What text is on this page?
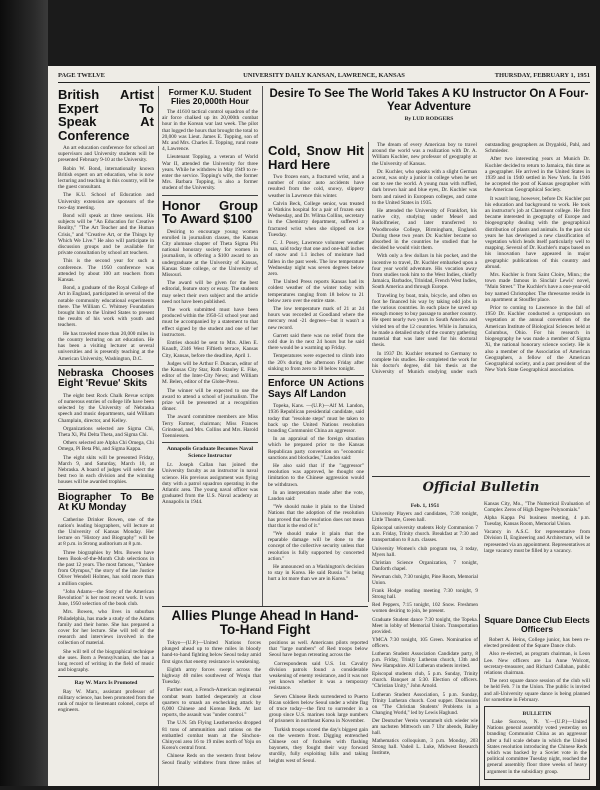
PAGE TWELVE	UNIVERSITY DAILY KANSAN, LAWRENCE, KANSAS	THURSDAY, FEBRUARY 1, 1951
British Artist Expert To Speak At Conference

An art education conference for school art supervisors and University students will be presented February 9-10 at the University.

Robin W. Bond, internationally known British expert on art education, who is now lecturing and teaching in this country, will be the guest consultant.

The K.U. School of Education and University extension are sponsors of the two-day meeting.

Bond will speak at three sessions. His subjects will be "An Education for Creative Reality," "The Art Teacher and the Human Crisis," and "Creative Art, or the Things by Which We Live." He also will participate in discussion groups and be available for private consultation by school art teachers.

This is the second year for such a conference. The 1950 conference was attended by about 100 art teachers from Kansas.

Bond, a graduate of the Royal College of Art in England, participated in several of the notable community educational experiments there. The William C. Whitney Foundation brought him to the United States to present the results of his work with youth and teachers.

He has traveled more than 20,000 miles in the country lecturing on art education. He has been a visiting lecturer at several universities and is presently teaching at the American University, Washington, D.C.

Nebraska Chooses Eight 'Revue' Skits

The eight best Rock Chalk Revue scripts of numerous entries of college life have been selected by the University of Nebraska speech and music departments, said William Champlain, director, and Kelley.

Organizations selected are Sigma Chi, Theta Xi, Phi Delta Theta, and Sigma Chi.

Others selected are Alpha Chi Omega, Chi Omega, Pi Beta Phi, and Sigma Kappa.

The eight skits will be presented Friday, March 9, and Saturday, March 10, at Nebraska. A board of judges will select the best two in each division and the winning houses will be awarded trophies.

Biographer To Be At KU Monday

Catherine Drinker Bowen, one of the nation's leading biographers, will lecture at the University of Kansas Monday. Her lecture on "History and Biography" will be at 8 p.m. in Strong auditorium at 8 p.m.

Three biographies by Mrs. Bowen have been Book-of-the-Month Club selections in the past 12 years. The most famous, "Yankee from Olympus," the story of the late Justice Oliver Wendell Holmes, has sold more than a million copies.

"John Adams—the Story of the American Revolution" is her most recent work. It won June, 1950 selection of the book club.

Mrs. Bowen, who lives in suburban Philadelphia, has made a study of the Adams family and their home. She has prepared a cover for her lecture. She will tell of the research and interviews involved in the collection of material.

She will tell of the biographical technique she uses. Born a Pennsylvanian, she has a long record of writing in the field of music and biography.

Ray W. Marx Is Promoted

Ray W. Marx, assistant professor of military science, has been promoted from the rank of major to lieutenant colonel, corps of engineers.

Former K.U. Student Flies 20,000th Hour

The 41610 tactical control squadron of the air force chalked up its 20,000th combat hour in the Korean war last week. The pilot that logged the hours that brought the total to 20,000 was Lieut. James E. Topping, son of Mr. and Mrs. Charles E. Topping, rural route 4, Lawrence.

Lieutenant Topping, a veteran of World War II, attended the University for three years. While he withdrew in May 1949 to re-enter the service. Topping's wife, the former Mrs. Barbara Topping, is also a former student of the University.

Honor Group To Award $100

Desiring to encourage young women enrolled in journalism classes, the Kansas City alumnae chapter of Theta Sigma Phi national honorary society for women in journalism, is offering a $100 award to an undergraduate at the University of Kansas, Kansas State college, or the University of Missouri.

The award will be given for the best editorial, feature story or essay. The students may select their own subject and the article need not have been published.

The work submitted must have been produced within the 1950-51 school year and must be accompanied by a statement to that effect signed by the student and one of her instructors.

Entries should be sent to Mrs. Allen E. Knauft, 2346 West Fiftieth terrace, Kansas City, Kansas, before the deadline, April 1.

Judges will be Arthur F. Duncan, editor of the Kansas City Star, Ruth Stanley E. Fike, editor of the Inter-City News; and William M. Belen, editor of the Globe-Press.

The winner will be expected to use the award to attend a school of journalism. The prize will be presented at a recognition dinner.

The award committee members are Miss Terry Farmer, chairman; Miss Frances Grinstead, and Mrs. Collins and Mrs. Harold Toenniessen.

Annapolis Graduate Becomes Naval Science Instructor

Lt. Joseph Callan has joined the University faculty as an instructor in naval science. His previous assignment was flying duty with a patrol squadron operating in the Atlantic area. The young naval officer was graduated from the U.S. Naval academy at Annapolis in 1944.

Desire To See The World Takes A KU Instructor On A Four-Year Adventure
By LUD RODGERS
Cold, Snow Hit Hard Here

Two frozen ears, a fractured wrist, and a number of minor auto accidents have resulted from the cold, snowy, slippery weather in Lawrence this winter.

Calvin Beck, College senior, was treated at Watkins hospital for a pair of frozen ears Wednesday, and Dr. Wilma Collins, secretary in the Chemistry department, suffered a fractured wrist when she slipped on ice Tuesday.

C. J. Posey, Lawrence volunteer weather man, said today that one and one-half inches of snow and 1.1 inches of moisture had fallen in the past week. The low temperature Wednesday night was seven degrees below zero.

The United Press reports Kansas had its coldest weather of the winter today with temperatures ranging from 18 below to 21 below zero over the entire state.

The low temperature mark of 21 at 24 hours was recorded at Goodland where the mercury read -21 degrees—but it wasn't a new record.

Garrett said there was no relief from the cold due in the next 24 hours but he said there would be a warming up Friday.

Temperatures were expected to climb into the 20's during the afternoon Friday after sinking to from zero to 18 below tonight.

Enforce UN Actions Says Alf Landon

Topeka, Kans. —(U.P.)—Alf M. Landon, 1936 Republican presidential candidate, said today that "resolute steps" must be taken to back up the United Nations resolution branding Communist China an aggressor.

In an appraisal of the foreign situation which he prepared prior to the Kansas Republican party convention on "economic sanctions and blockades," Landon said:

He also said that if the "aggressor" resolution was approved, he thought one limitation to the Chinese aggression would be withdrawn.

In an interpretation made after the vote, Landon said:

"We should make it plain to the United Nations that the adoption of the resolution has proved that the resolution does not mean that that is the end of it."

"We should make it plain that the reparable damage will be done to the concept of the collective security unless that resolution is fully supported by concerted action."

He announced on a Washington's decision to stay in Korea. He said Russia "is being hurt a lot more than we are in Korea."

The dream of every American boy to travel around the world was a realization with Dr. A. William Kuchler, new professor of geography at the University of Kansas.

Dr. Kuchler, who speaks with a slight German accent, was only a junior in college when he set out to see the world. A young man with ruffled, dark brown hair and blue eyes, Dr. Kuchler was born and raised in European colleges, and came to the United States in 1935.

He attended the University of Frankfort, his native city, studying under Meuel and Rudolfmeier, and later transferred to Woodbrooke College, Birmingham, England. During these two years Dr. Kuchler became so absorbed in the countries he studied that he decided he would visit them.

With only a few dollars in his pocket, and the incentive to travel, Dr. Kuchler embarked upon a four year world adventure. His vocation away from studies took him to the West Indies, chiefly Jamaica, Barbados, Trinidad, French West Indies, South America and through Europe.

Traveling by boat, train, bicycle, and often on foot he financed his way by taking odd jobs in the various countries. In each place he saved up enough money to buy passage to another country. He spent nearly two years in South America and visited ten of the 12 countries. While in Jamaica, he made a detailed study of the country gathering material that was later used for his doctoral thesis.

In 1937 Dr. Kuchler returned to Germany to complete his studies. He completed the work for his doctor's degree, did his thesis at the University of Munich studying under such outstanding geographers as Drygalski, Pahl, and Schmieder.

After two interesting years at Munich Dr. Kuchler decided to return to Jamaica, this time as a geographer. He arrived in the United States in 1939 and in 1940 settled in New York. In 1946 he accepted the post of Kansas geographer with the American Geographical Society.

It wasn't long, however, before Dr. Kuchler put his education and background to work. He took an instructor's job at Claremont college. He first became interested in geography of Europe and biogeography dealing with the geographical distribution of plants and animals. In the past six years he has developed a new classification of vegetation which lends itself particularly well to mapping. Several of Dr. Kuchler's maps based on his innovation have appeared in major geographic publications of this country and abroad.

Mrs. Kuchler is from Saint Cloire, Minn.; the town made famous in Sinclair Lewis' novel, "Main Street." The Kuchler's have a one-year-old boy named Christopher. The threesome reside in an apartment at Stouffer place.

Prior to coming to Lawrence in the fall of 1950 Dr. Kuchler conducted a symposium on vegetation at the annual convention of the American Institute of Biological Sciences held at Columbus, Ohio. For his research in biogeography he was made a member of Sigma Xi, the national honorary science society. He is also a member of the Association of American Geographers, a fellow of the American Geographical society, and a past president of the New York State Geographical association.

Official Bulletin
Feb. 1, 1951

University Players and candidates, 7:30 tonight, Little Theatre, Green hall.

Episcopal university students Holy Communion 7 a.m. Friday, Trinity church. Breakfast at 7:30 and transportation to 8 a.m. classes.

University Women's club program tea, 3 today, Myers hall.

Christian Science Organization, 7 tonight, Danforth chapel.

Newman club, 7:30 tonight, Pine Room, Memorial Union.

Frank Hodge reading meeting 7:30 tonight, 9 Strong hall.

Red Peppers, 7:15 tonight, 102 Snow. Freshmen women desiring to join, be present.

Graduate Student dance 7:30 tonight, the Topeka. Meet in lobby of Memorial Union. Transportation provided.

YMCA 7:30 tonight, 105 Green. Nomination of officers.

Lutheran Student Association Candidate party, 8 p.m. Friday, Trinity Lutheran church, 13th and New Hampshire. All Lutheran students invited.

Episcopal students club, 5 p.m. Sunday, Trinity church. Banquet at 5:30. Election of officers. "Christian Unity," John Arnold.

Lutheran Student Association, 5 p.m. Sunday, Trinity Lutheran church. Cost supper. Discussion on "The Christian Students' Problems in a Changing World," led by Lewis Haglund.

Der Deutscher Verein verammelt sich wieder wie am nachsten Mittwoch um 7 Uhr abends, Bailey hall.

Mathematics colloquium, 3 p.m. Monday, 203 Strong hall. Vadeil L. Luke, Midwest Research Institute,

Kansas City, Mo., "The Numerical Evaluation of Complex Zeros of High Degree Polynomials."

Alpha Kappa Psi business meeting, 4 p.m. Tuesday, Kansas Room, Memorial Union.

Vacancy in A.S.C. for representative from Division II, Engineering and Architecture, will be represented via an appointment. Representatives at large vacancy must be filled by a vacancy.

Allies Plunge Ahead In Hand-To-Hand Fight

Tokyo—(U.P.)—United Nations forces plunged ahead up to three miles in bloody hand-to-hand fighting below Seoul today amid first signs that enemy resistance is weakening.

Eighth army forces swept across the highway 40 miles southwest of Wonju that Tuesday.

Farther east, a French-American regimental combat team battled desperately at close quarters to smash an enchecking attack by 6,000 Chinese and Korean Reds. At last reports, the assault was "under control."

The U.N. 5th Flying Leathernecks dropped 81 tons of ammunition and rations on the embattled combat team at the Sinchon-Chinyoni area 16 to 19 miles north of Yoju on Korea's central front.

Chinese Reds on the western front below Seoul finally withdrew from three miles of positions as well. Americans pilots reported that "large numbers" of Red troops below Seoul have begun retreating across the

Correspondents said U.S. 1st. Cavalry division patrols found a considerable weakening of enemy resistance, and it was not yet known whether it was a temporary resistance.

Seven Chinese Reds surrendered to Puerto Rican soldiers below Seoul under a white flag of truce today—the first to surrender in a group since U.S. marines took large numbers of prisoners in northeast Korea in November.

Turkish troops scored the day's biggest gain on the western front. Digging entrenched Chinese out of foxholes with flashing bayonets, they fought their way forward sturdily, fully exploiting hills and taking heights west of Seoul.

Square Dance Club Elects Officers

Robert A. Heins, College junior, has been re-elected president of the Square Dance club.

Also re-elected, as program chairman, is Leon Lee. New officers are Lu Anne Wolcott, secretary-treasurer, and Richard Callahan, public relations chairman.

The next square dance session of the club will be held Feb. 7 in the Union. The public is invited and all-University square dance is being planned for sometime in February.

BULLETIN

Lake Success, N. Y.—(U.P.)—United Nations general assembly voted yesterday on branding Communist China as an aggressor after a full scale debate in which the United States resolution introducing the Chinese Reds which was backed by a Soviet vote in the political committee Tuesday night, reached the general assembly floor three weeks of heavy argument in the subsidiary group.
